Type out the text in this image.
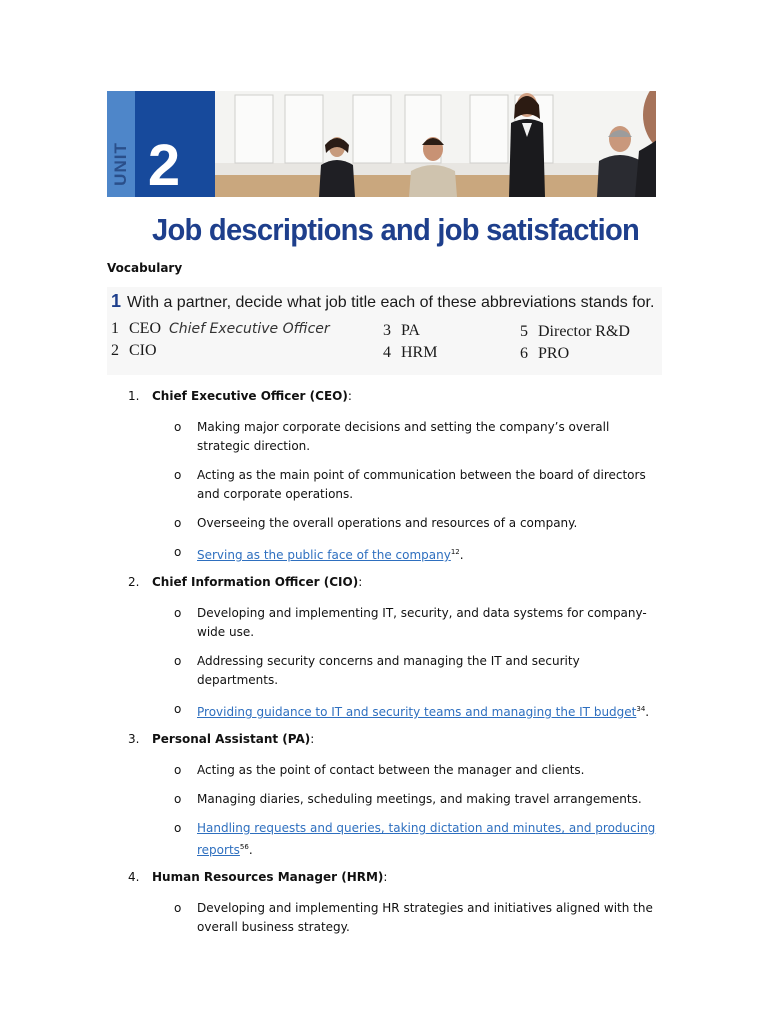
UNIT 2
Job descriptions and job satisfaction
Vocabulary
1 With a partner, decide what job title each of these abbreviations stands for.
1 CEO Chief Executive Officer
2 CIO
3 PA
4 HRM
5 Director R&D
6 PRO
1. Chief Executive Officer (CEO):
o Making major corporate decisions and setting the company’s overall strategic direction.
o Acting as the main point of communication between the board of directors and corporate operations.
o Overseeing the overall operations and resources of a company.
o Serving as the public face of the company$^{12}$.
2. Chief Information Officer (CIO):
o Developing and implementing IT, security, and data systems for company-wide use.
o Addressing security concerns and managing the IT and security departments.
o Providing guidance to IT and security teams and managing the IT budget$^{34}$.
3. Personal Assistant (PA):
o Acting as the point of contact between the manager and clients.
o Managing diaries, scheduling meetings, and making travel arrangements.
o Handling requests and queries, taking dictation and minutes, and producing reports$^{56}$.
4. Human Resources Manager (HRM):
o Developing and implementing HR strategies and initiatives aligned with the overall business strategy.
